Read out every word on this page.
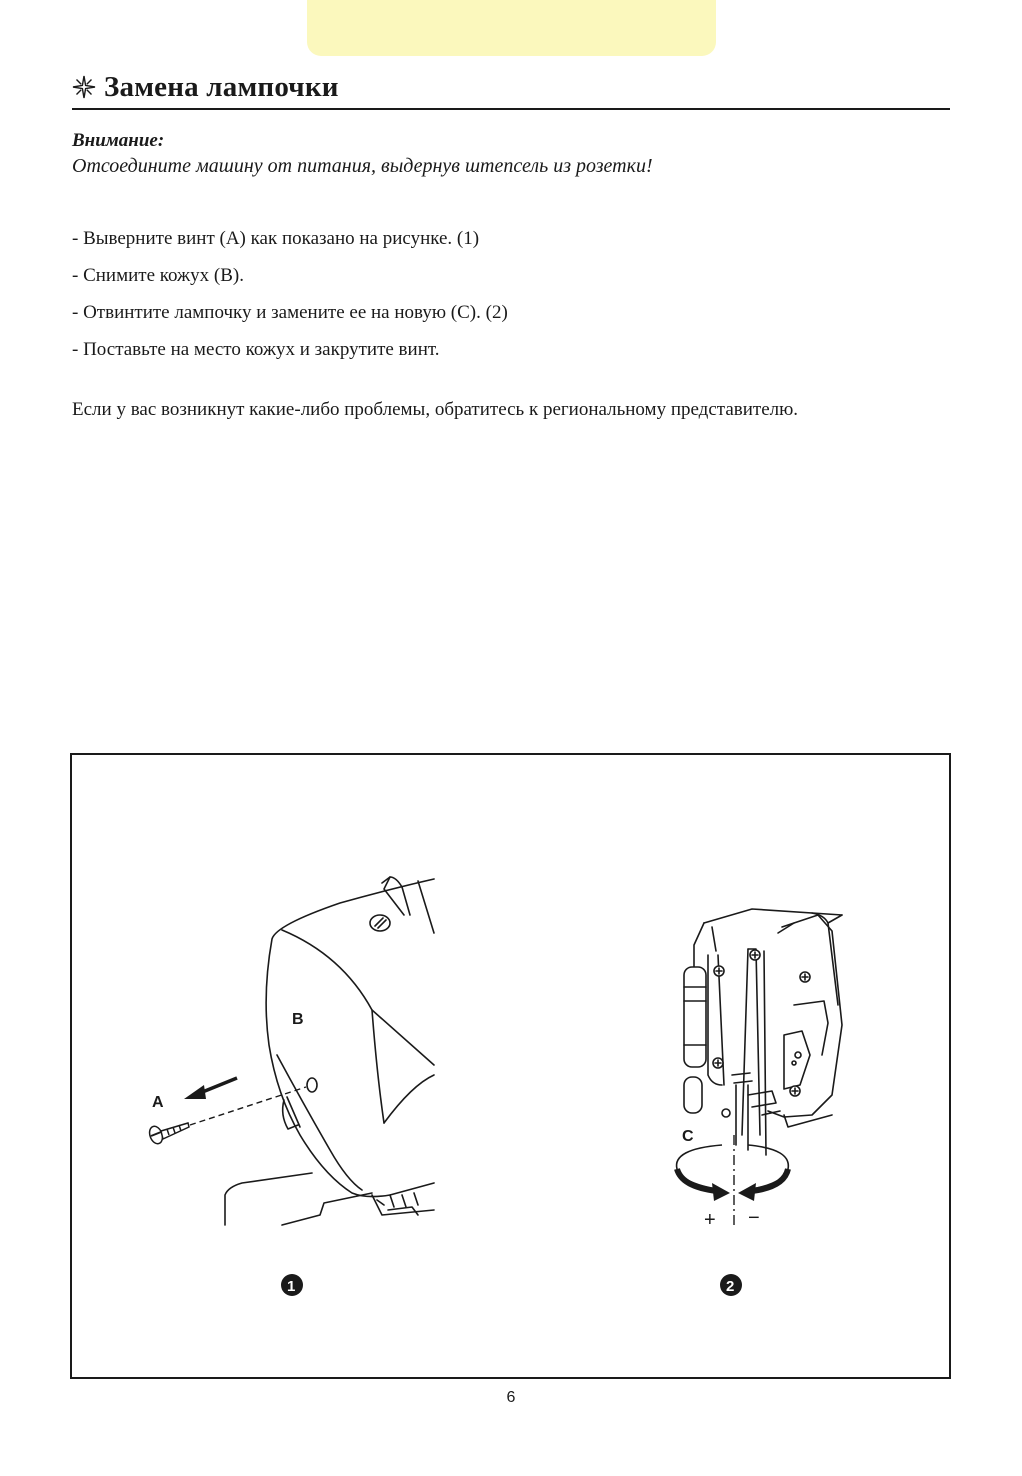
Замена лампочки
Внимание:
Отсоедините машину от питания, выдернув штепсель из розетки!
- Выверните винт (А) как показано на рисунке. (1)
- Снимите кожух (В).
- Отвинтите лампочку и замените ее на новую (С). (2)
- Поставьте на место кожух и закрутите винт.
Если у вас возникнут какие-либо проблемы, обратитесь к региональному представителю.
A
B
1
C
+ −
2
6
